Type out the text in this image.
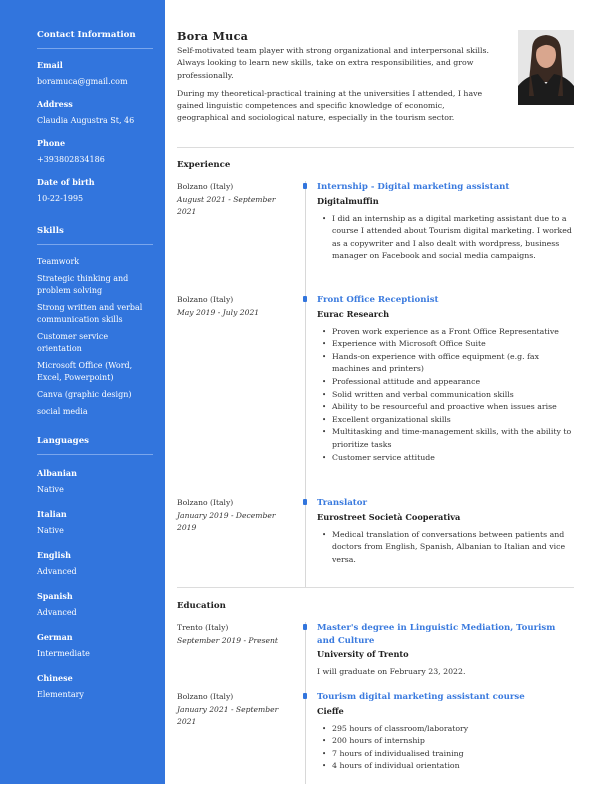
Contact Information
Email
boramuca@gmail.com
Address
Claudia Augustra St, 46
Phone
+393802834186
Date of birth
10-22-1995
Skills
Teamwork
Strategic thinking and problem solving
Strong written and verbal communication skills
Customer service orientation
Microsoft Office (Word, Excel, Powerpoint)
Canva (graphic design)
social media
Languages
Albanian
Native
Italian
Native
English
Advanced
Spanish
Advanced
German
Intermediate
Chinese
Elementary
Bora Muca

Self-motivated team player with strong organizational and interpersonal skills. Always looking to learn new skills, take on extra responsibilities, and grow professionally.

During my theoretical-practical training at the universities I attended, I have gained linguistic competences and specific knowledge of economic, geographical and sociological nature, especially in the tourism sector.

Experience
Bolzano (Italy)
August 2021 - September 2021
Internship - Digital marketing assistant
Digitalmuffin
• I did an internship as a digital marketing assistant due to a course I attended about Tourism digital marketing. I worked as a copywriter and I also dealt with wordpress, business manager on Facebook and social media campaigns.
Bolzano (Italy)
May 2019 - July 2021
Front Office Receptionist
Eurac Research
• Proven work experience as a Front Office Representative
• Experience with Microsoft Office Suite
• Hands-on experience with office equipment (e.g. fax machines and printers)
• Professional attitude and appearance
• Solid written and verbal communication skills
• Ability to be resourceful and proactive when issues arise
• Excellent organizational skills
• Multitasking and time-management skills, with the ability to prioritize tasks
• Customer service attitude
Bolzano (Italy)
January 2019 - December 2019
Translator
Eurostreet Società Cooperativa
• Medical translation of conversations between patients and doctors from English, Spanish, Albanian to Italian and vice versa.
Education
Trento (Italy)
September 2019 - Present
Master's degree in Linguistic Mediation, Tourism and Culture
University of Trento
I will graduate on February 23, 2022.
Bolzano (Italy)
January 2021 - September 2021
Tourism digital marketing assistant course
Cieffe
• 295 hours of classroom/laboratory
• 200 hours of internship
• 7 hours of individualised training
• 4 hours of individual orientation
